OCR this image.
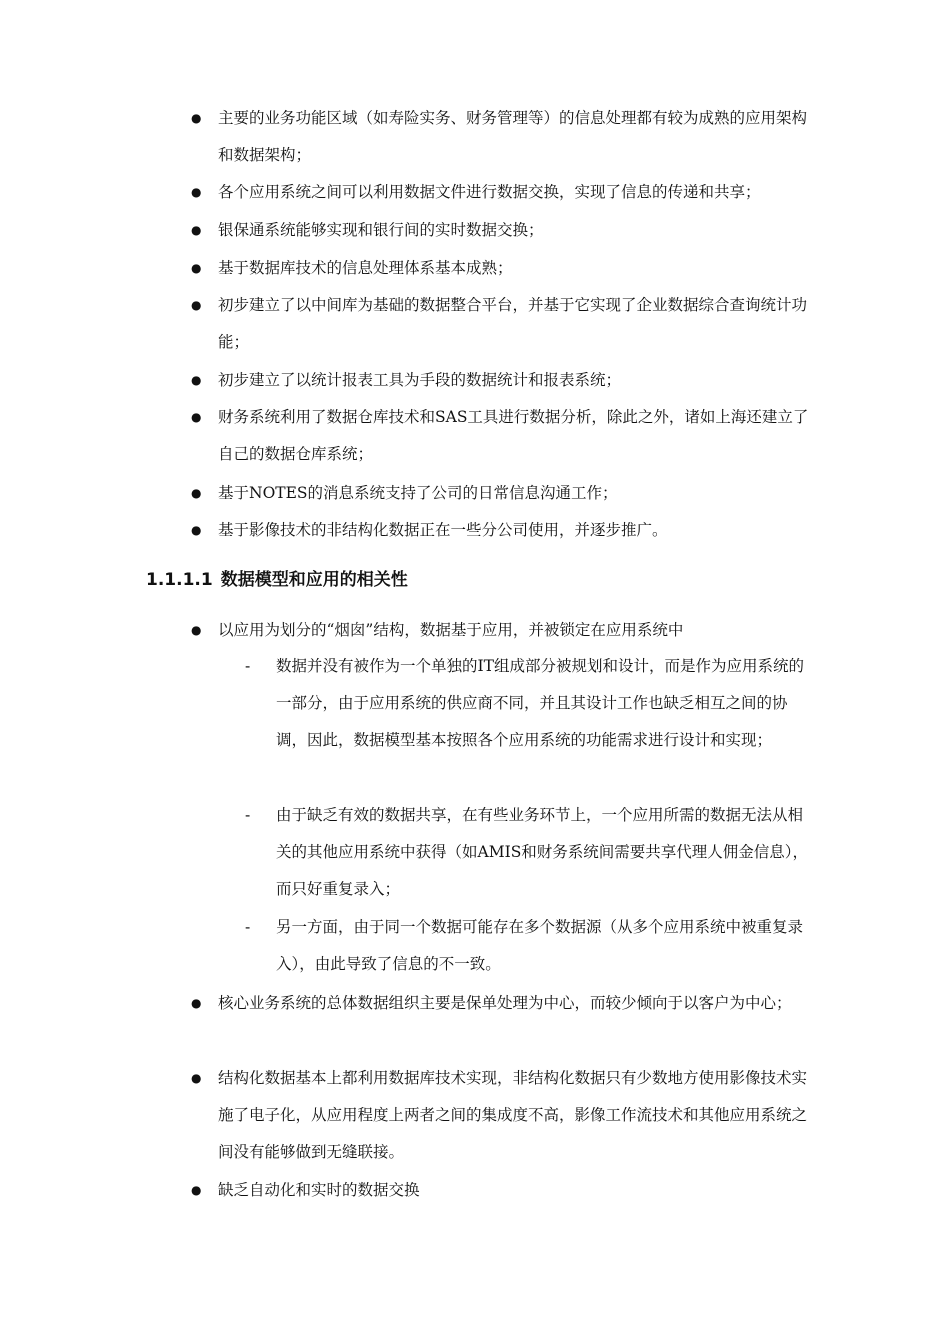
● 主要的业务功能区域（如寿险实务、财务管理等）的信息处理都有较为成熟的应用架构和数据架构；
● 各个应用系统之间可以利用数据文件进行数据交换，实现了信息的传递和共享；
● 银保通系统能够实现和银行间的实时数据交换；
● 基于数据库技术的信息处理体系基本成熟；
● 初步建立了以中间库为基础的数据整合平台，并基于它实现了企业数据综合查询统计功能；
● 初步建立了以统计报表工具为手段的数据统计和报表系统；
● 财务系统利用了数据仓库技术和SAS工具进行数据分析，除此之外，诸如上海还建立了自己的数据仓库系统；
● 基于NOTES的消息系统支持了公司的日常信息沟通工作；
● 基于影像技术的非结构化数据正在一些分公司使用，并逐步推广。
1.1.1.1 数据模型和应用的相关性
● 以应用为划分的“烟囱”结构，数据基于应用，并被锁定在应用系统中
- 数据并没有被作为一个单独的IT组成部分被规划和设计，而是作为应用系统的一部分，由于应用系统的供应商不同，并且其设计工作也缺乏相互之间的协调，因此，数据模型基本按照各个应用系统的功能需求进行设计和实现；
- 由于缺乏有效的数据共享，在有些业务环节上，一个应用所需的数据无法从相关的其他应用系统中获得（如AMIS和财务系统间需要共享代理人佣金信息），而只好重复录入；
- 另一方面，由于同一个数据可能存在多个数据源（从多个应用系统中被重复录入），由此导致了信息的不一致。
● 核心业务系统的总体数据组织主要是保单处理为中心，而较少倾向于以客户为中心；
● 结构化数据基本上都利用数据库技术实现，非结构化数据只有少数地方使用影像技术实施了电子化，从应用程度上两者之间的集成度不高，影像工作流技术和其他应用系统之间没有能够做到无缝联接。
● 缺乏自动化和实时的数据交换
